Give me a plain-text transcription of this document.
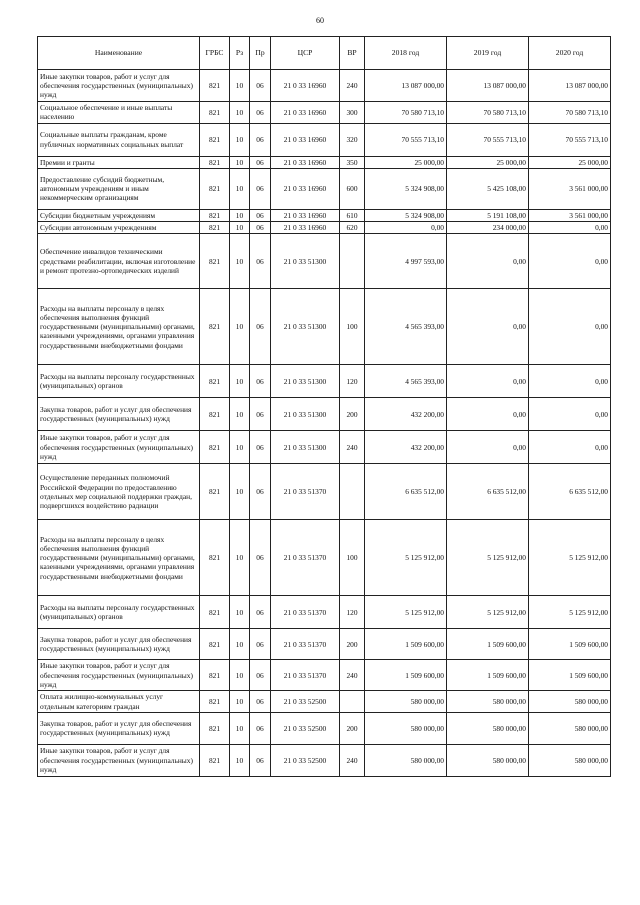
60
Наименование	ГРБС	Рз	Пр	ЦСР	ВР	2018 год	2019 год	2020 год
Иные закупки товаров, работ и услуг для обеспечения государственных (муниципальных) нужд	821	10	06	21 0 33 16960	240	13 087 000,00	13 087 000,00	13 087 000,00
Социальное обеспечение и иные выплаты населению	821	10	06	21 0 33 16960	300	70 580 713,10	70 580 713,10	70 580 713,10
Социальные выплаты гражданам, кроме публичных нормативных социальных выплат	821	10	06	21 0 33 16960	320	70 555 713,10	70 555 713,10	70 555 713,10
Премии и гранты	821	10	06	21 0 33 16960	350	25 000,00	25 000,00	25 000,00
Предоставление субсидий бюджетным, автономным учреждениям и иным некоммерческим организациям	821	10	06	21 0 33 16960	600	5 324 908,00	5 425 108,00	3 561 000,00
Субсидии бюджетным учреждениям	821	10	06	21 0 33 16960	610	5 324 908,00	5 191 108,00	3 561 000,00
Субсидии автономным учреждениям	821	10	06	21 0 33 16960	620	0,00	234 000,00	0,00
Обеспечение инвалидов техническими средствами реабилитации, включая изготовление и ремонт протезно-ортопедических изделий	821	10	06	21 0 33 51300		4 997 593,00	0,00	0,00
Расходы на выплаты персоналу в целях обеспечения выполнения функций государственными (муниципальными) органами, казенными учреждениями, органами управления государственными внебюджетными фондами	821	10	06	21 0 33 51300	100	4 565 393,00	0,00	0,00
Расходы на выплаты персоналу государственных (муниципальных) органов	821	10	06	21 0 33 51300	120	4 565 393,00	0,00	0,00
Закупка товаров, работ и услуг для обеспечения государственных (муниципальных) нужд	821	10	06	21 0 33 51300	200	432 200,00	0,00	0,00
Иные закупки товаров, работ и услуг для обеспечения государственных (муниципальных) нужд	821	10	06	21 0 33 51300	240	432 200,00	0,00	0,00
Осуществление переданных полномочий Российской Федерации по предоставлению отдельных мер социальной поддержки граждан, подвергшихся воздействию радиации	821	10	06	21 0 33 51370		6 635 512,00	6 635 512,00	6 635 512,00
Расходы на выплаты персоналу в целях обеспечения выполнения функций государственными (муниципальными) органами, казенными учреждениями, органами управления государственными внебюджетными фондами	821	10	06	21 0 33 51370	100	5 125 912,00	5 125 912,00	5 125 912,00
Расходы на выплаты персоналу государственных (муниципальных) органов	821	10	06	21 0 33 51370	120	5 125 912,00	5 125 912,00	5 125 912,00
Закупка товаров, работ и услуг для обеспечения государственных (муниципальных) нужд	821	10	06	21 0 33 51370	200	1 509 600,00	1 509 600,00	1 509 600,00
Иные закупки товаров, работ и услуг для обеспечения государственных (муниципальных) нужд	821	10	06	21 0 33 51370	240	1 509 600,00	1 509 600,00	1 509 600,00
Оплата жилищно-коммунальных услуг отдельным категориям граждан	821	10	06	21 0 33 52500		580 000,00	580 000,00	580 000,00
Закупка товаров, работ и услуг для обеспечения государственных (муниципальных) нужд	821	10	06	21 0 33 52500	200	580 000,00	580 000,00	580 000,00
Иные закупки товаров, работ и услуг для обеспечения государственных (муниципальных) нужд	821	10	06	21 0 33 52500	240	580 000,00	580 000,00	580 000,00
